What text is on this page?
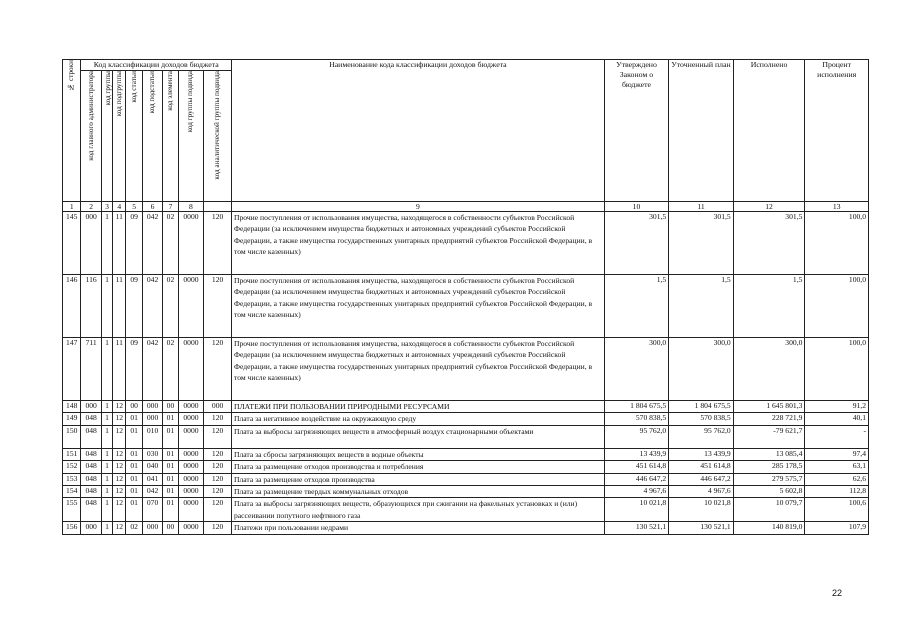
№ строки	Код классификации доходов бюджета								Наименование кода классификации доходов бюджета	Утверждено Законом о бюджете	Уточненный план	Исполнено	Процент исполнения
	код главного администратора	код группы	код подгруппы	код статьи	код подстатьи	код элемента	код группы подвида	код аналитической группы подвида					
1	2	3	4	5	6	7	8		9	10	11	12	13
145	000	1	11	09	042	02	0000	120	Прочие поступления от использования имущества, находящегося в собственности субъектов Российской Федерации (за исключением имущества бюджетных и автономных учреждений субъектов Российской Федерации, а также имущества государственных унитарных предприятий субъектов Российской Федерации, в том числе казенных)	301,5	301,5	301,5	100,0
146	116	1	11	09	042	02	0000	120	Прочие поступления от использования имущества, находящегося в собственности субъектов Российской Федерации (за исключением имущества бюджетных и автономных учреждений субъектов Российской Федерации, а также имущества государственных унитарных предприятий субъектов Российской Федерации, в том числе казенных)	1,5	1,5	1,5	100,0
147	711	1	11	09	042	02	0000	120	Прочие поступления от использования имущества, находящегося в собственности субъектов Российской Федерации (за исключением имущества бюджетных и автономных учреждений субъектов Российской Федерации, а также имущества государственных унитарных предприятий субъектов Российской Федерации, в том числе казенных)	300,0	300,0	300,0	100,0
148	000	1	12	00	000	00	0000	000	ПЛАТЕЖИ ПРИ ПОЛЬЗОВАНИИ ПРИРОДНЫМИ РЕСУРСАМИ	1 804 675,5	1 804 675,5	1 645 801,3	91,2
149	048	1	12	01	000	01	0000	120	Плата за негативное воздействие на окружающую среду	570 838,5	570 838,5	228 721,9	40,1
150	048	1	12	01	010	01	0000	120	Плата за выбросы загрязняющих веществ в атмосферный воздух стационарными объектами	95 762,0	95 762,0	-79 621,7	-
151	048	1	12	01	030	01	0000	120	Плата за сбросы загрязняющих веществ в водные объекты	13 439,9	13 439,9	13 085,4	97,4
152	048	1	12	01	040	01	0000	120	Плата за размещение отходов производства и потребления	451 614,8	451 614,8	285 178,5	63,1
153	048	1	12	01	041	01	0000	120	Плата за размещение отходов производства	446 647,2	446 647,2	279 575,7	62,6
154	048	1	12	01	042	01	0000	120	Плата за размещение твердых коммунальных отходов	4 967,6	4 967,6	5 602,8	112,8
155	048	1	12	01	070	01	0000	120	Плата за выбросы загрязняющих веществ, образующихся при сжигании на факельных установках и (или) рассеивании попутного нефтяного газа	10 021,8	10 021,8	10 079,7	100,6
156	000	1	12	02	000	00	0000	120	Платежи при пользовании недрами	130 521,1	130 521,1	140 819,0	107,9
22
